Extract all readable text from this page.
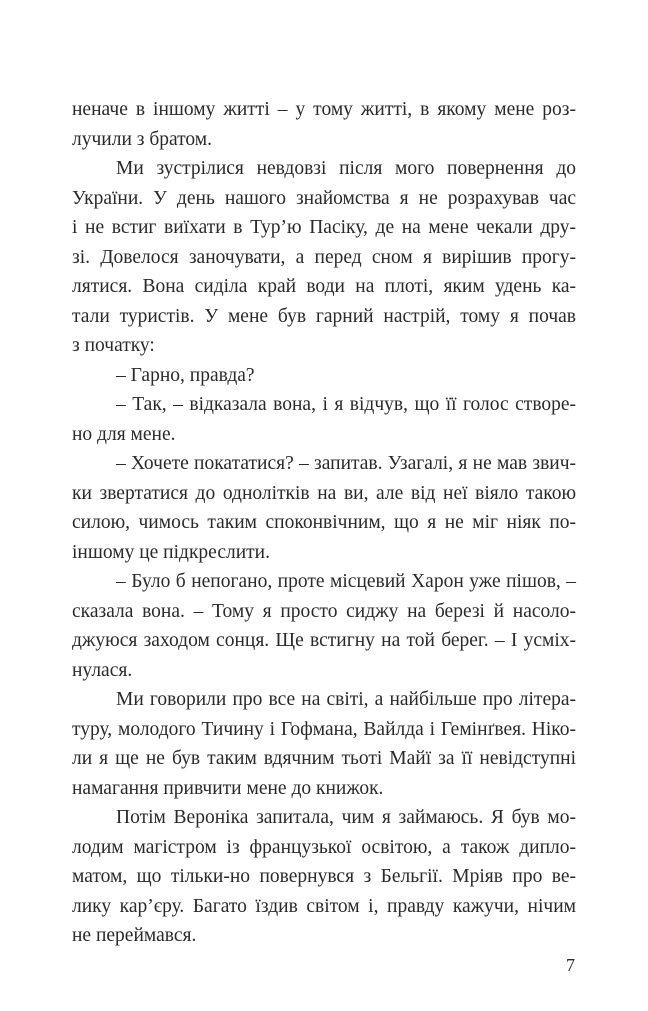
неначе в іншому житті – у тому житті, в якому мене роз-

лучили з братом.

Ми зустрілися невдовзі після мого повернення до

України. У день нашого знайомства я не розрахував час

і не встиг виїхати в Тур’ю Пасіку, де на мене чекали дру-

зі. Довелося заночувати, а перед сном я вирішив прогу-

лятися. Вона сиділа край води на плоті, яким удень ка-

тали туристів. У мене був гарний настрій, тому я почав

з початку:

– Гарно, правда?

– Так, – відказала вона, і я відчув, що її голос створе-

но для мене.

– Хочете покататися? – запитав. Узагалі, я не мав звич-

ки звертатися до однолітків на ви, але від неї віяло такою

силою, чимось таким споконвічним, що я не міг ніяк по-

іншому це підкреслити.

– Було б непогано, проте місцевий Харон уже пішов, –

сказала вона. – Тому я просто сиджу на березі й насоло-

джуюся заходом сонця. Ще встигну на той берег. – І усміх-

нулася.

Ми говорили про все на світі, а найбільше про літера-

туру, молодого Тичину і Гофмана, Вайлда і Гемінґвея. Ніко-

ли я ще не був таким вдячним тьоті Майї за її невідступні

намагання привчити мене до книжок.

Потім Вероніка запитала, чим я займаюсь. Я був мо-

лодим магістром із французької освітою, а також дипло-

матом, що тільки-но повернувся з Бельгії. Мріяв про ве-

лику кар’єру. Багато їздив світом і, правду кажучи, нічим

не переймався.

7
